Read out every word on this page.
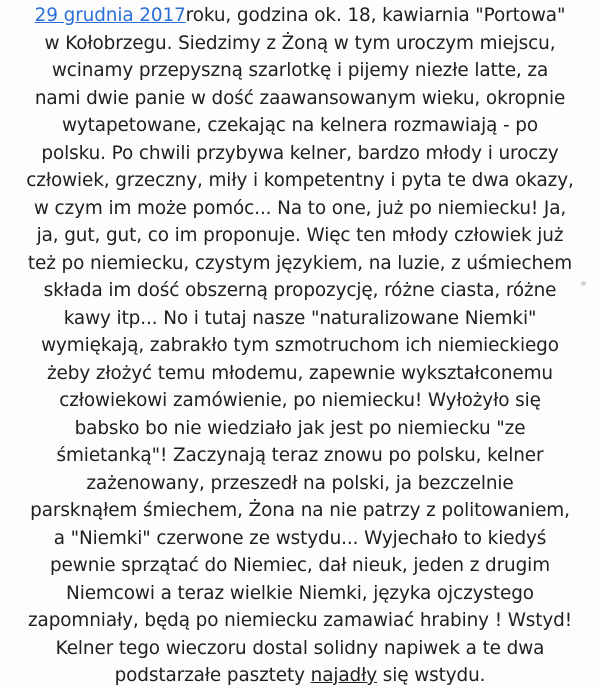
29 grudnia 2017roku, godzina ok. 18, kawiarnia "Portowa"
w Kołobrzegu. Siedzimy z Żoną w tym uroczym miejscu,
wcinamy przepyszną szarlotkę i pijemy niezłe latte, za
nami dwie panie w dość zaawansowanym wieku, okropnie
wytapetowane, czekając na kelnera rozmawiają - po
polsku. Po chwili przybywa kelner, bardzo młody i uroczy
człowiek, grzeczny, miły i kompetentny i pyta te dwa okazy,
w czym im może pomóc... Na to one, już po niemiecku! Ja,
ja, gut, gut, co im proponuje. Więc ten młody człowiek już
też po niemiecku, czystym językiem, na luzie, z uśmiechem
składa im dość obszerną propozycję, różne ciasta, różne
kawy itp... No i tutaj nasze "naturalizowane Niemki"
wymiękają, zabrakło tym szmotruchom ich niemieckiego
żeby złożyć temu młodemu, zapewnie wykształconemu
człowiekowi zamówienie, po niemiecku! Wyłożyło się
babsko bo nie wiedziało jak jest po niemiecku "ze
śmietanką"! Zaczynają teraz znowu po polsku, kelner
zażenowany, przeszedł na polski, ja bezczelnie
parsknąłem śmiechem, Żona na nie patrzy z politowaniem,
a "Niemki" czerwone ze wstydu... Wyjechało to kiedyś
pewnie sprzątać do Niemiec, dał nieuk, jeden z drugim
Niemcowi a teraz wielkie Niemki, języka ojczystego
zapomniały, będą po niemiecku zamawiać hrabiny ! Wstyd!
Kelner tego wieczoru dostal solidny napiwek a te dwa
podstarzałe pasztety najadły się wstydu.
